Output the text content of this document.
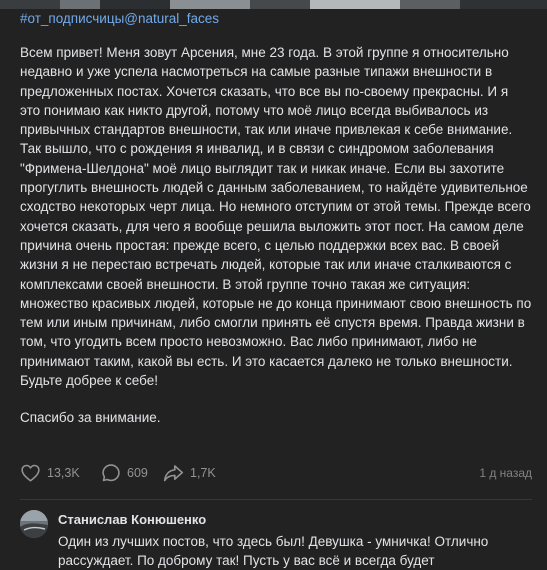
#от_подписчицы@natural_faces

Всем привет! Меня зовут Арсения, мне 23 года. В этой группе я относительно недавно и уже успела насмотреться на самые разные типажи внешности в предложенных постах. Хочется сказать, что все вы по-своему прекрасны. И я это понимаю как никто другой, потому что моё лицо всегда выбивалось из привычных стандартов внешности, так или иначе привлекая к себе внимание. Так вышло, что с рождения я инвалид, и в связи с синдромом заболевания "Фримена-Шелдона" моё лицо выглядит так и никак иначе. Если вы захотите прогуглить внешность людей с данным заболеванием, то найдёте удивительное сходство некоторых черт лица. Но немного отступим от этой темы. Прежде всего хочется сказать, для чего я вообще решила выложить этот пост. На самом деле причина очень простая: прежде всего, с целью поддержки всех вас. В своей жизни я не перестаю встречать людей, которые так или иначе сталкиваются с комплексами своей внешности. В этой группе точно такая же ситуация: множество красивых людей, которые не до конца принимают свою внешность по тем или иным причинам, либо смогли принять её спустя время. Правда жизни в том, что угодить всем просто невозможно. Вас либо принимают, либо не принимают таким, какой вы есть. И это касается далеко не только внешности. Будьте добрее к себе!

Спасибо за внимание.

13,3K	609	1,7K	1 д назад
Станислав Конюшенко
Один из лучших постов, что здесь был! Девушка - умничка! Отлично рассуждает. По доброму так! Пусть у вас всё и всегда будет
